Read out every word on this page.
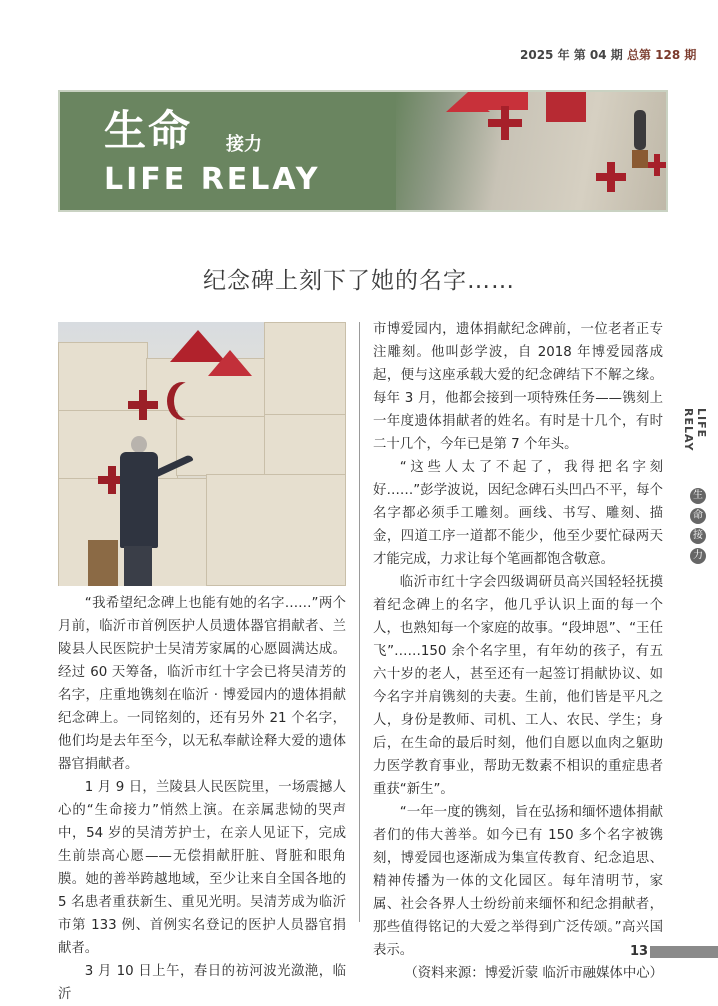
2025 年 第 04 期 总第 128 期
生命 接力
LIFE RELAY
纪念碑上刻下了她的名字……

“我希望纪念碑上也能有她的名字……”两个月前，临沂市首例医护人员遗体器官捐献者、兰陵县人民医院护士吴清芳家属的心愿圆满达成。经过 60 天筹备，临沂市红十字会已将吴清芳的名字，庄重地镌刻在临沂 · 博爱园内的遗体捐献纪念碑上。一同铭刻的，还有另外 21 个名字，他们均是去年至今，以无私奉献诠释大爱的遗体器官捐献者。

1 月 9 日，兰陵县人民医院里，一场震撼人心的“生命接力”悄然上演。在亲属悲恸的哭声中，54 岁的吴清芳护士，在亲人见证下，完成生前崇高心愿——无偿捐献肝脏、肾脏和眼角膜。她的善举跨越地域，至少让来自全国各地的 5 名患者重获新生、重见光明。吴清芳成为临沂市第 133 例、首例实名登记的医护人员器官捐献者。

3 月 10 日上午，春日的祊河波光潋滟，临沂

市博爱园内，遗体捐献纪念碑前，一位老者正专注雕刻。他叫彭学波，自 2018 年博爱园落成起，便与这座承载大爱的纪念碑结下不解之缘。每年 3 月，他都会接到一项特殊任务——镌刻上一年度遗体捐献者的姓名。有时是十几个，有时二十几个，今年已是第 7 个年头。

“这些人太了不起了，我得把名字刻好……”彭学波说，因纪念碑石头凹凸不平，每个名字都必须手工雕刻。画线、书写、雕刻、描金，四道工序一道都不能少，他至少要忙碌两天才能完成，力求让每个笔画都饱含敬意。

临沂市红十字会四级调研员高兴国轻轻抚摸着纪念碑上的名字，他几乎认识上面的每一个人，也熟知每一个家庭的故事。“段坤恩”、“王任飞”……150 余个名字里，有年幼的孩子，有五六十岁的老人，甚至还有一起签订捐献协议、如今名字并肩镌刻的夫妻。生前，他们皆是平凡之人，身份是教师、司机、工人、农民、学生；身后，在生命的最后时刻，他们自愿以血肉之躯助力医学教育事业，帮助无数素不相识的重症患者重获“新生”。

“一年一度的镌刻，旨在弘扬和缅怀遗体捐献者们的伟大善举。如今已有 150 多个名字被镌刻，博爱园也逐渐成为集宣传教育、纪念追思、精神传播为一体的文化园区。每年清明节，家属、社会各界人士纷纷前来缅怀和纪念捐献者，那些值得铭记的大爱之举得到广泛传颂。”高兴国表示。

（资料来源：博爱沂蒙 临沂市融媒体中心）

LIFE RELAY
生
命
接
力
13
